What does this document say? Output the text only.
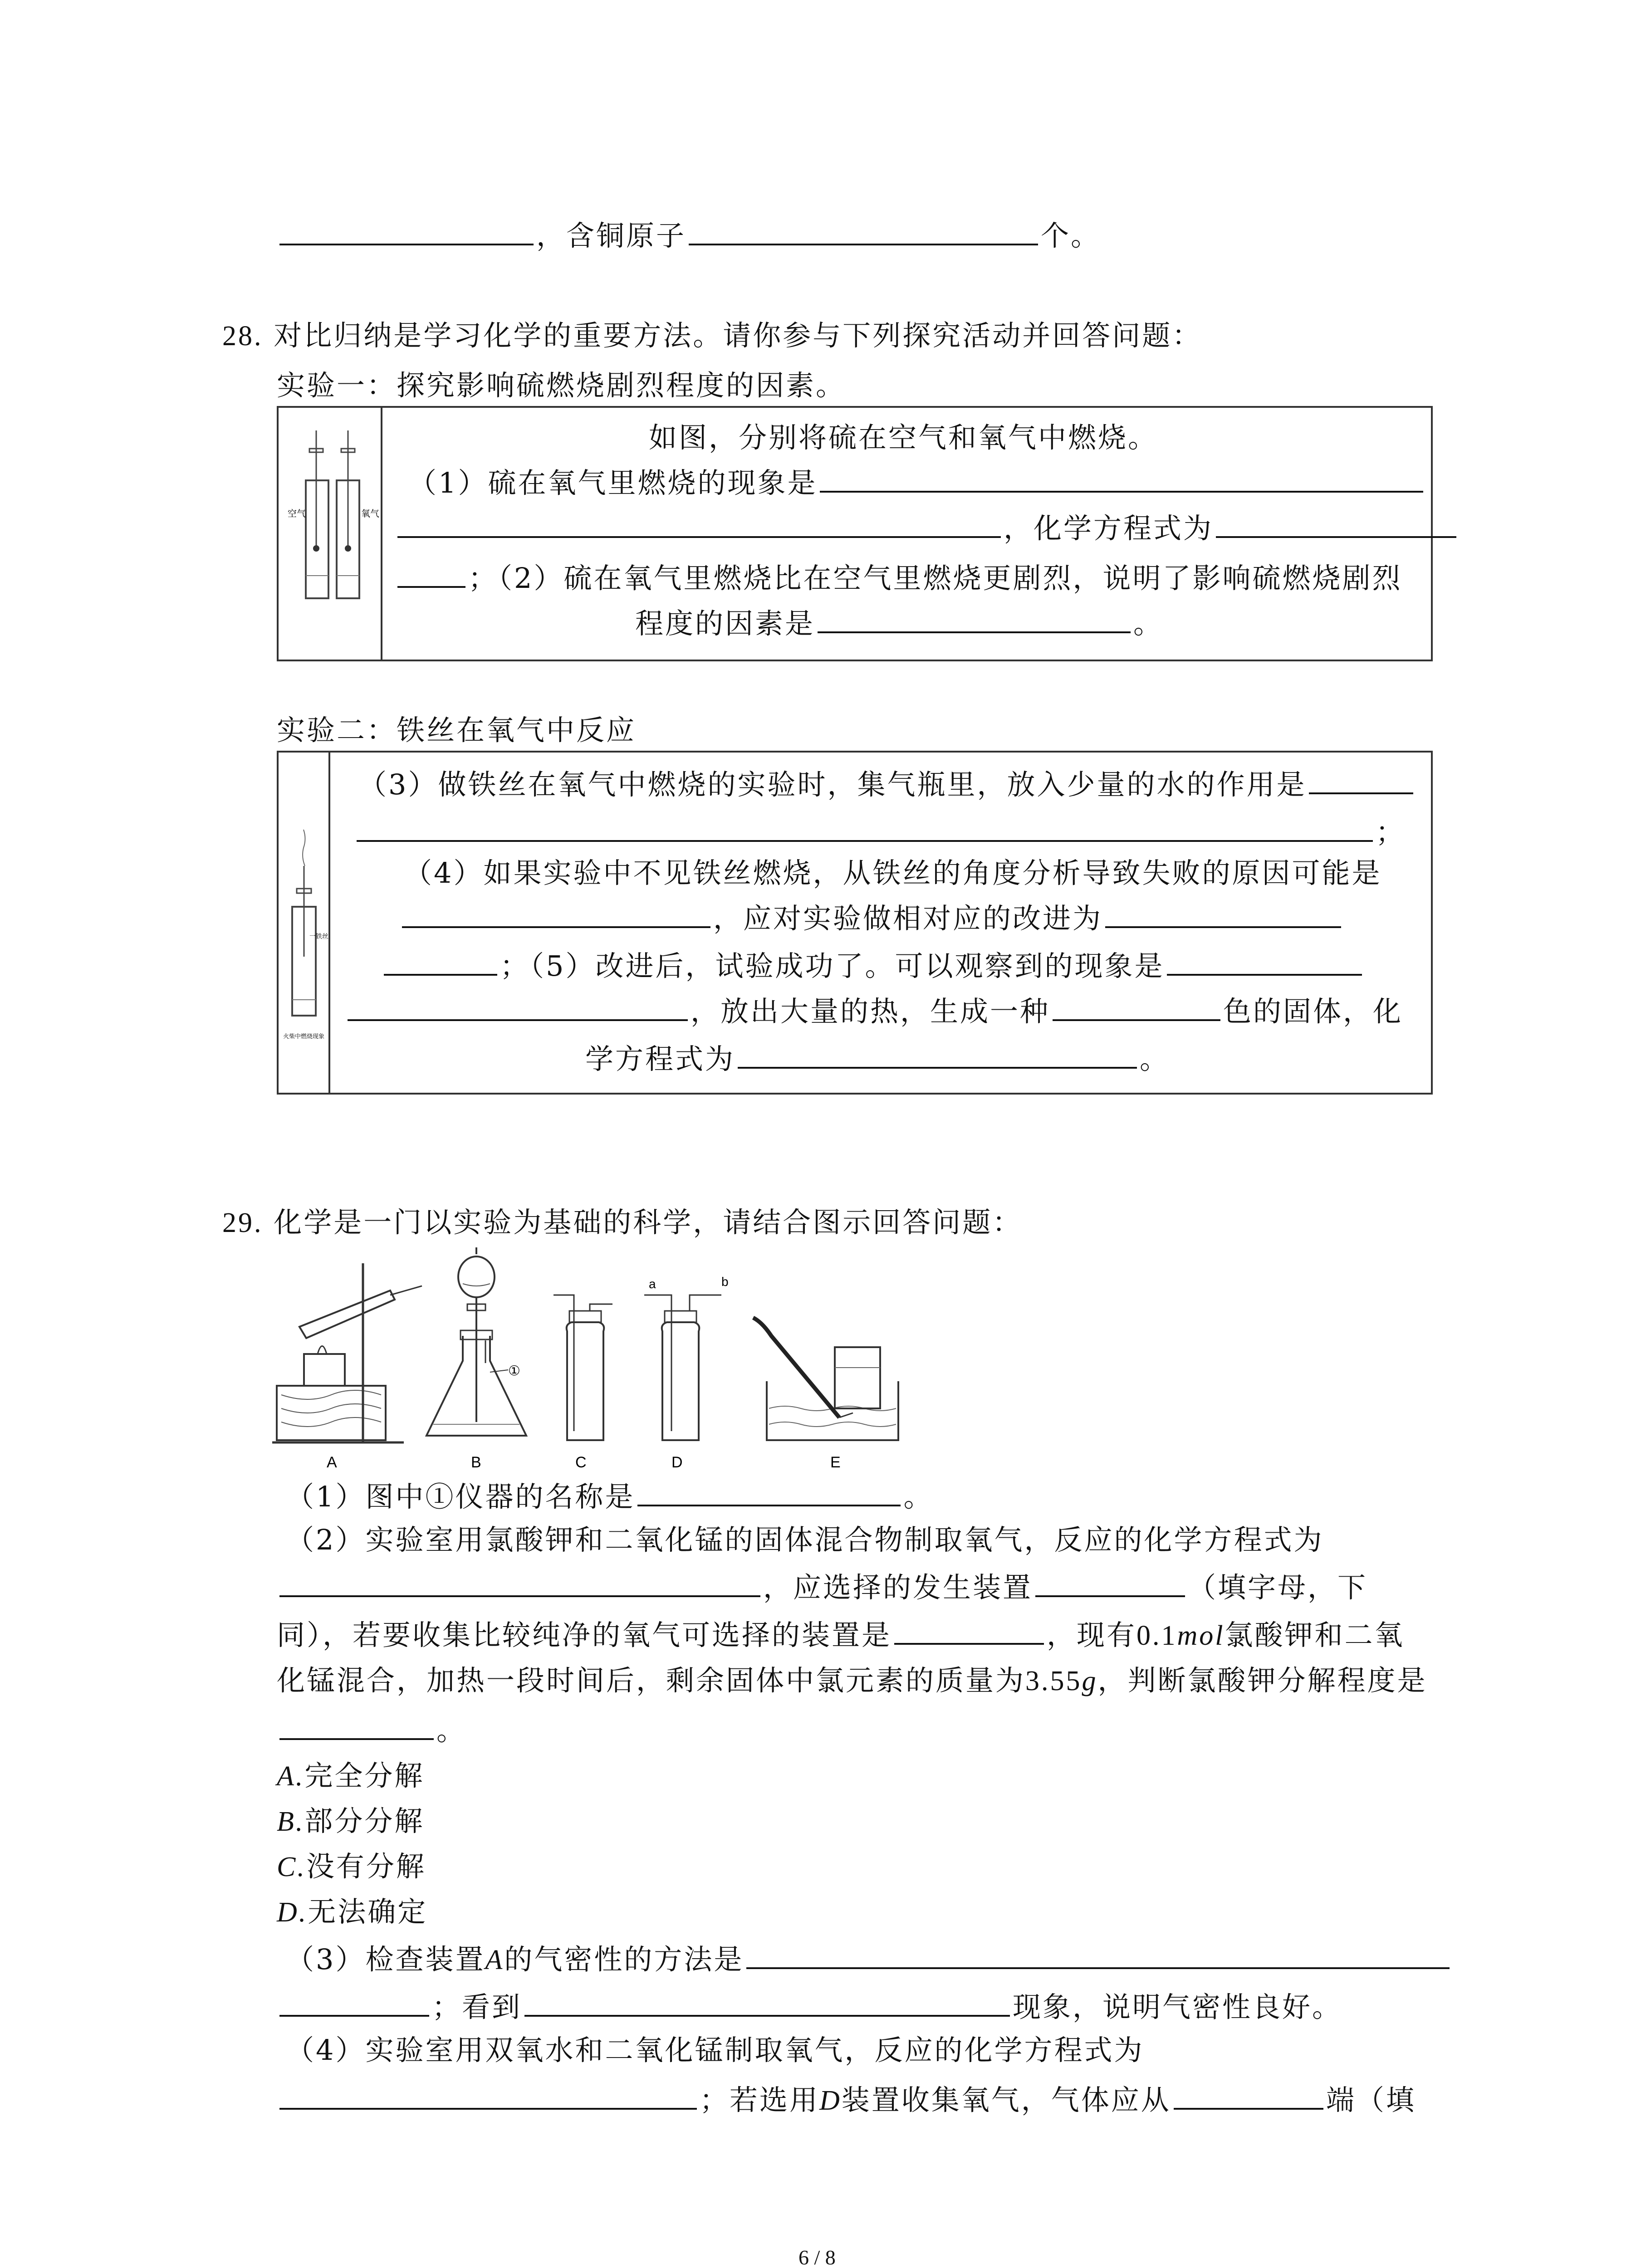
，含铜原子	个。
28. 对比归纳是学习化学的重要方法。请你参与下列探究活动并回答问题：
实验一：探究影响硫燃烧剧烈程度的因素。
空气	氧气
如图，分别将硫在空气和氧气中燃烧。
（1）硫在氧气里燃烧的现象是
，化学方程式为
；（2）硫在氧气里燃烧比在空气里燃烧更剧烈，说明了影响硫燃烧剧烈
程度的因素是	。
实验二：铁丝在氧气中反应
一铁丝
火柴中燃烧现象
（3）做铁丝在氧气中燃烧的实验时，集气瓶里，放入少量的水的作用是
；
（4）如果实验中不见铁丝燃烧，从铁丝的角度分析导致失败的原因可能是
，应对实验做相对应的改进为
；（5）改进后，试验成功了。可以观察到的现象是
，放出大量的热，生成一种	色的固体，化
学方程式为	。
29. 化学是一门以实验为基础的科学，请结合图示回答问题：
A
①
B	C
a	b
D	E
（1）图中①仪器的名称是	。
（2）实验室用氯酸钾和二氧化锰的固体混合物制取氧气，反应的化学方程式为
，应选择的发生装置	（填字母，下
同），若要收集比较纯净的氧气可选择的装置是	，现有0.1mol氯酸钾和二氧
化锰混合，加热一段时间后，剩余固体中氯元素的质量为3.55g，判断氯酸钾分解程度是
。
A.完全分解
B.部分分解
C.没有分解
D.无法确定
（3）检查装置A的气密性的方法是
；看到	现象，说明气密性良好。
（4）实验室用双氧水和二氧化锰制取氧气，反应的化学方程式为
；若选用D装置收集氧气，气体应从	端（填
6 / 8
